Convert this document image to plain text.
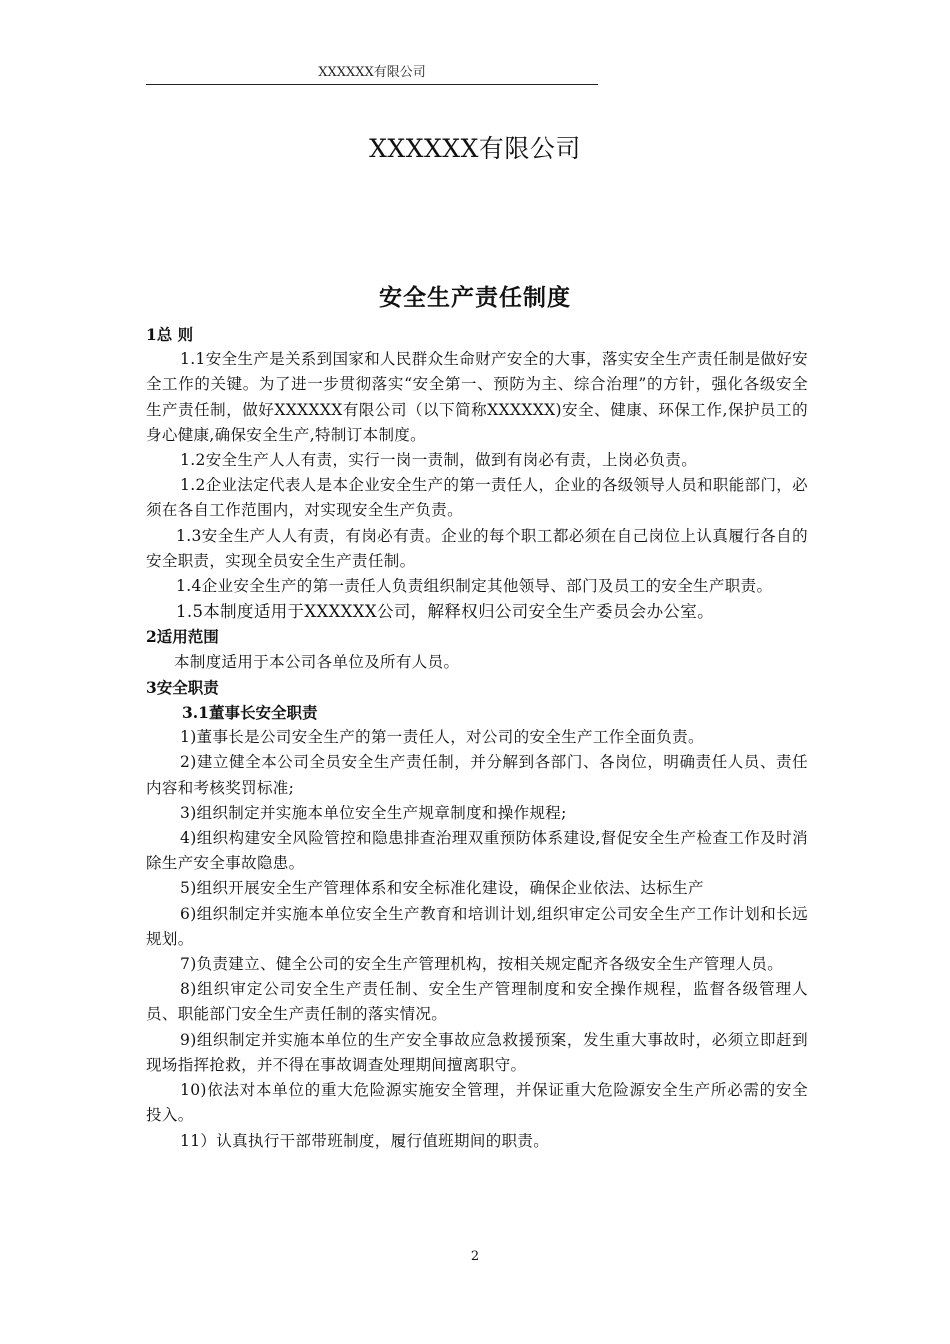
XXXXXX有限公司
XXXXXX有限公司
安全生产责任制度

1总 则

1.1安全生产是关系到国家和人民群众生命财产安全的大事，落实安全生产责任制是做好安全工作的关键。为了进一步贯彻落实“安全第一、预防为主、综合治理”的方针，强化各级安全生产责任制，做好XXXXXX有限公司（以下简称XXXXXX)安全、健康、环保工作,保护员工的身心健康,确保安全生产,特制订本制度。

1.2安全生产人人有责，实行一岗一责制，做到有岗必有责，上岗必负责。

1.2企业法定代表人是本企业安全生产的第一责任人，企业的各级领导人员和职能部门，必须在各自工作范围内，对实现安全生产负责。

1.3安全生产人人有责，有岗必有责。企业的每个职工都必须在自己岗位上认真履行各自的安全职责，实现全员安全生产责任制。

1.4企业安全生产的第一责任人负责组织制定其他领导、部门及员工的安全生产职责。

1.5本制度适用于XXXXXX公司，解释权归公司安全生产委员会办公室。

2适用范围

本制度适用于本公司各单位及所有人员。

3安全职责

3.1董事长安全职责

1)董事长是公司安全生产的第一责任人，对公司的安全生产工作全面负责。

2)建立健全本公司全员安全生产责任制，并分解到各部门、各岗位，明确责任人员、责任内容和考核奖罚标准;

3)组织制定并实施本单位安全生产规章制度和操作规程;

4)组织构建安全风险管控和隐患排查治理双重预防体系建设,督促安全生产检查工作及时消除生产安全事故隐患。

5)组织开展安全生产管理体系和安全标准化建设，确保企业依法、达标生产

6)组织制定并实施本单位安全生产教育和培训计划,组织审定公司安全生产工作计划和长远规划。

7)负责建立、健全公司的安全生产管理机构，按相关规定配齐各级安全生产管理人员。

8)组织审定公司安全生产责任制、安全生产管理制度和安全操作规程，监督各级管理人员、职能部门安全生产责任制的落实情况。

9)组织制定并实施本单位的生产安全事故应急救援预案，发生重大事故时，必须立即赶到现场指挥抢救，并不得在事故调查处理期间擅离职守。

10)依法对本单位的重大危险源实施安全管理，并保证重大危险源安全生产所必需的安全投入。

11）认真执行干部带班制度，履行值班期间的职责。

2
